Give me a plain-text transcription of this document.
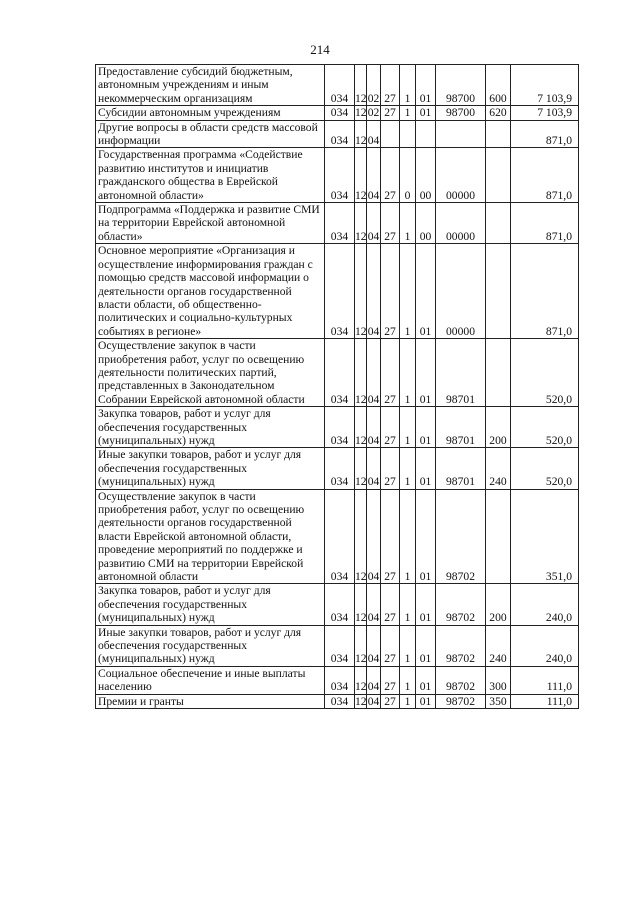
214
Предоставление субсидий бюджетным, автономным учреждениям и иным некоммерческим организациям	034	12	02	27	1	01	98700	600	7 103,9
Субсидии автономным учреждениям	034	12	02	27	1	01	98700	620	7 103,9
Другие вопросы в области средств массовой информации	034	12	04						871,0
Государственная программа «Содействие развитию институтов и инициатив гражданского общества в Еврейской автономной области»	034	12	04	27	0	00	00000		871,0
Подпрограмма «Поддержка и развитие СМИ на территории Еврейской автономной области»	034	12	04	27	1	00	00000		871,0
Основное мероприятие «Организация и осуществление информирования граждан с помощью средств массовой информации о деятельности органов государственной власти области, об общественно-политических и социально-культурных событиях в регионе»	034	12	04	27	1	01	00000		871,0
Осуществление закупок в части приобретения работ, услуг по освещению деятельности политических партий, представленных в Законодательном Собрании Еврейской автономной области	034	12	04	27	1	01	98701		520,0
Закупка товаров, работ и услуг для обеспечения государственных (муниципальных) нужд	034	12	04	27	1	01	98701	200	520,0
Иные закупки товаров, работ и услуг для обеспечения государственных (муниципальных) нужд	034	12	04	27	1	01	98701	240	520,0
Осуществление закупок в части приобретения работ, услуг по освещению деятельности органов государственной власти Еврейской автономной области, проведение мероприятий по поддержке и развитию СМИ на территории Еврейской автономной области	034	12	04	27	1	01	98702		351,0
Закупка товаров, работ и услуг для обеспечения государственных (муниципальных) нужд	034	12	04	27	1	01	98702	200	240,0
Иные закупки товаров, работ и услуг для обеспечения государственных (муниципальных) нужд	034	12	04	27	1	01	98702	240	240,0
Социальное обеспечение и иные выплаты населению	034	12	04	27	1	01	98702	300	111,0
Премии и гранты	034	12	04	27	1	01	98702	350	111,0
